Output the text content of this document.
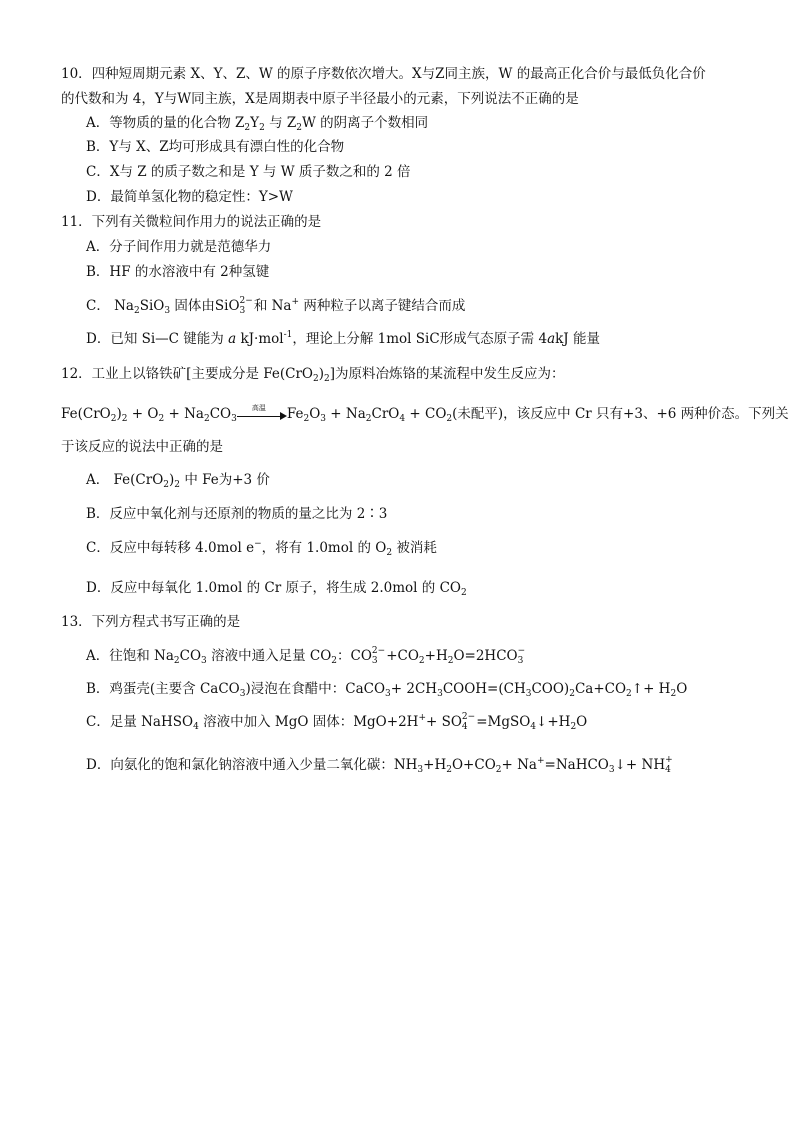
10．四种短周期元素 X、Y、Z、W 的原子序数依次增大。X与Z同主族，W 的最高正化合价与最低负化合价
的代数和为 4，Y与W同主族，X是周期表中原子半径最小的元素，下列说法不正确的是
A．等物质的量的化合物 $Z_2Y_2$ 与 $Z_2W$ 的阴离子个数相同
B．Y与 X、Z均可形成具有漂白性的化合物
C．X与 Z 的质子数之和是 Y 与 W 质子数之和的 2 倍
D．最简单氢化物的稳定性：Y>W
11．下列有关微粒间作用力的说法正确的是
A．分子间作用力就是范德华力
B．HF 的水溶液中有 2种氢键
C． $Na_2SiO_3$ 固体由SiO 2−
3 和 Na+ 两种粒子以离子键结合而成
D．已知 Si—C 键能为 a kJ·mol$^{-1}$，理论上分解 1mol SiC形成气态原子需 4akJ 能量
12．工业上以铬铁矿[主要成分是 $Fe(CrO_2)_2$]为原料冶炼铬的某流程中发生反应为：
$Fe(CrO_2)_2 + O_2 + Na_2CO_3$
高温	$Fe_2O_3 + Na_2CrO_4 + CO_2$(未配平)，该反应中 Cr 只有+3、+6 两种价态。下列关
于该反应的说法中正确的是
A． $Fe(CrO_2)_2$ 中 Fe为+3 价
B．反应中氧化剂与还原剂的物质的量之比为 2∶3
C．反应中每转移 4.0mol e−，将有 1.0mol 的 $O_2$ 被消耗
D．反应中每氧化 1.0mol 的 Cr 原子，将生成 2.0mol 的 $CO_2$
13．下列方程式书写正确的是
A．往饱和 $Na_2CO_3$ 溶液中通入足量 $CO_2$：CO 2−
$3 +CO_2+H_2O=2HCO$ −
3
B．鸡蛋壳(主要含 CaCO$_3$)浸泡在食醋中：CaCO$_3$+ $2CH_3COOH=(CH_3COO)_2Ca+CO_2↑+ H_2O$
C．足量 NaHSO$_4$ 溶液中加入 MgO 固体：MgO+2H++ SO 2−
$4 =MgSO_4↓+H_2O$
D．向氨化的饱和氯化钠溶液中通入少量二氧化碳：$NH_3+H_2O+CO_2+$ Na+=NaHCO$_3$↓+ NH +
4
